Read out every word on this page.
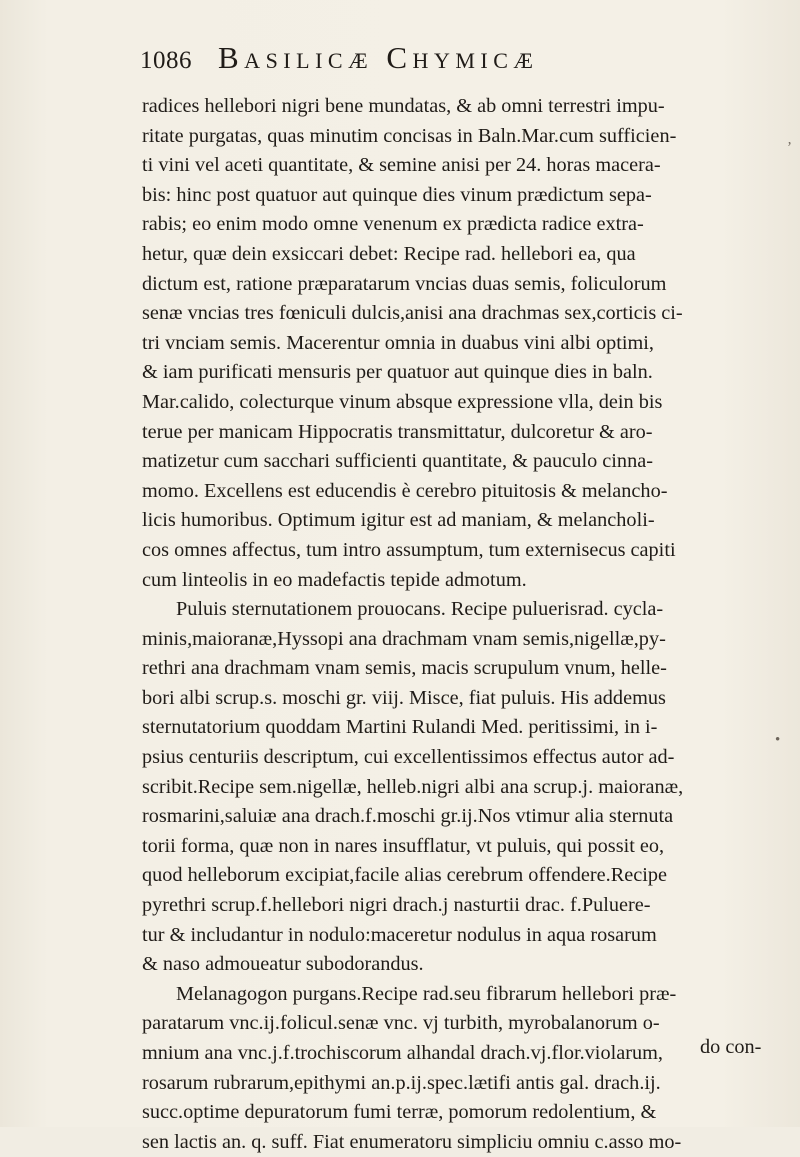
1086 Basilicæ Chymicæ
radices hellebori nigri bene mundatas, & ab omni terrestri impu-
ritate purgatas, quas minutim concisas in Baln.Mar.cum sufficien-
ti vini vel aceti quantitate, & semine anisi per 24. horas macera-
bis: hinc post quatuor aut quinque dies vinum prædictum sepa-
rabis; eo enim modo omne venenum ex prædicta radice extra-
hetur, quæ dein exsiccari debet: Recipe rad. hellebori ea, qua
dictum est, ratione præparatarum vncias duas semis, foliculorum
senæ vncias tres fœniculi dulcis,anisi ana drachmas sex,corticis ci-
tri vnciam semis. Macerentur omnia in duabus vini albi optimi,
& iam purificati mensuris per quatuor aut quinque dies in baln.
Mar.calido, colecturque vinum absque expressione vlla, dein bis
terue per manicam Hippocratis transmittatur, dulcoretur & aro-
matizetur cum sacchari sufficienti quantitate, & pauculo cinna-
momo. Excellens est educendis è cerebro pituitosis & melancho-
licis humoribus. Optimum igitur est ad maniam, & melancholi-
cos omnes affectus, tum intro assumptum, tum externisecus capiti
cum linteolis in eo madefactis tepide admotum.
Puluis sternutationem prouocans. Recipe puluerisrad. cycla-
minis,maioranæ,Hyssopi ana drachmam vnam semis,nigellæ,py-
rethri ana drachmam vnam semis, macis scrupulum vnum, helle-
bori albi scrup.s. moschi gr. viij. Misce, fiat puluis. His addemus
sternutatorium quoddam Martini Rulandi Med. peritissimi, in i-
psius centuriis descriptum, cui excellentissimos effectus autor ad-
scribit.Recipe sem.nigellæ, helleb.nigri albi ana scrup.j. maioranæ,
rosmarini,saluiæ ana drach.f.moschi gr.ij.Nos vtimur alia sternuta
torii forma, quæ non in nares insufflatur, vt puluis, qui possit eo,
quod helleborum excipiat,facile alias cerebrum offendere.Recipe
pyrethri scrup.f.hellebori nigri drach.j nasturtii drac. f.Puluere-
tur & includantur in nodulo:maceretur nodulus in aqua rosarum
& naso admoueatur subodorandus.
Melanagogon purgans.Recipe rad.seu fibrarum hellebori præ-
paratarum vnc.ij.folicul.senæ vnc. vj turbith, myrobalanorum o-
mnium ana vnc.j.f.trochiscorum alhandal drach.vj.flor.violarum,
rosarum rubrarum,epithymi an.p.ij.spec.lætifi antis gal. drach.ij.
succ.optime depuratorum fumi terræ, pomorum redolentium, &
sen lactis an. q. suff. Fiat enumeratoru simpliciu omniu c.asso mo-
do con-
ʼ
•
